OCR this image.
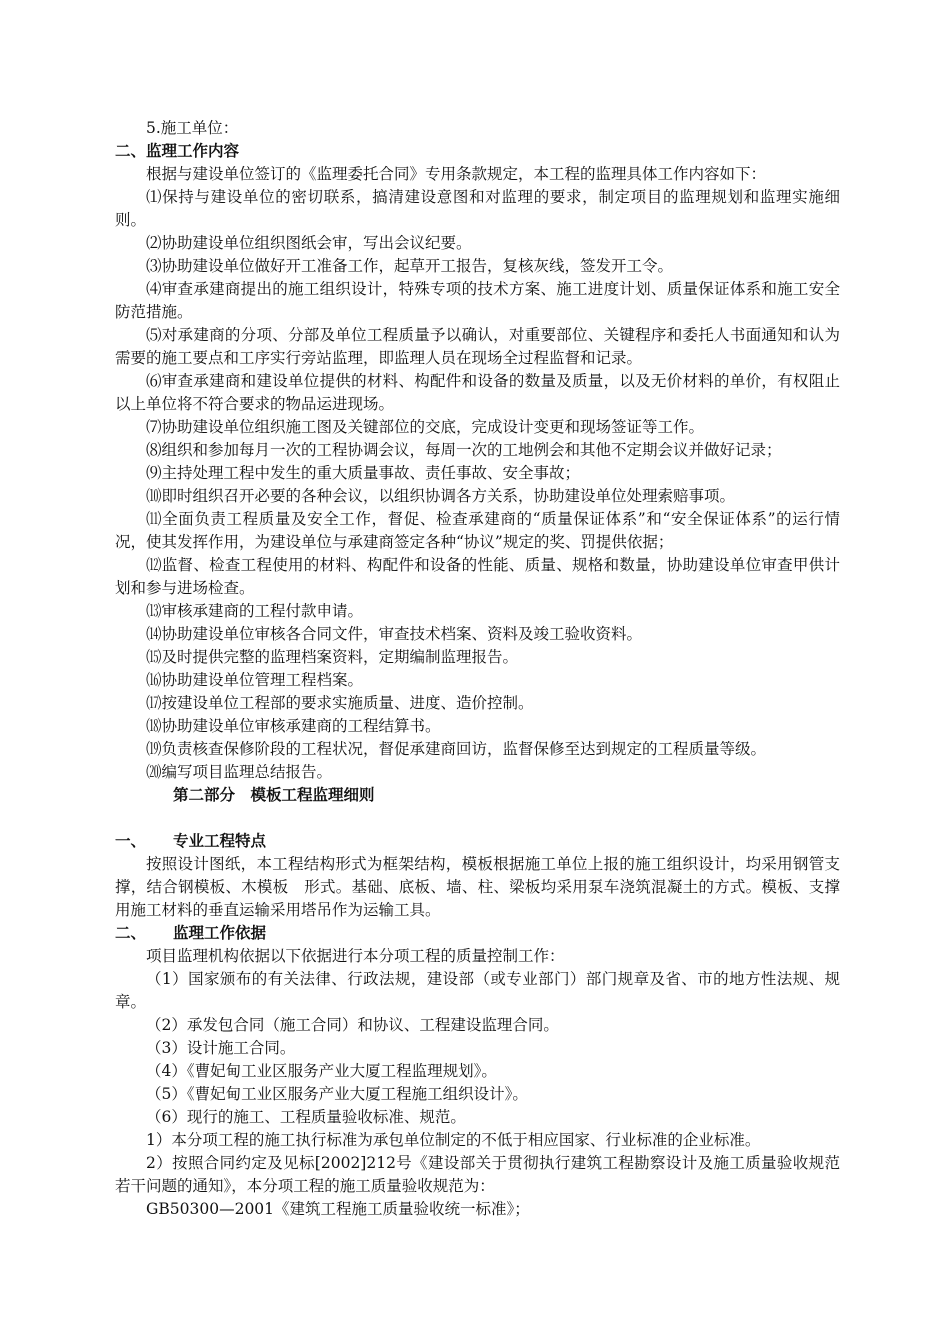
5.施工单位：

二、监理工作内容

根据与建设单位签订的《监理委托合同》专用条款规定，本工程的监理具体工作内容如下：

⑴保持与建设单位的密切联系，搞清建设意图和对监理的要求，制定项目的监理规划和监理实施细则。

⑵协助建设单位组织图纸会审，写出会议纪要。

⑶协助建设单位做好开工准备工作，起草开工报告，复核灰线，签发开工令。

⑷审查承建商提出的施工组织设计，特殊专项的技术方案、施工进度计划、质量保证体系和施工安全防范措施。

⑸对承建商的分项、分部及单位工程质量予以确认，对重要部位、关键程序和委托人书面通知和认为需要的施工要点和工序实行旁站监理，即监理人员在现场全过程监督和记录。

⑹审查承建商和建设单位提供的材料、构配件和设备的数量及质量，以及无价材料的单价，有权阻止以上单位将不符合要求的物品运进现场。

⑺协助建设单位组织施工图及关键部位的交底，完成设计变更和现场签证等工作。

⑻组织和参加每月一次的工程协调会议，每周一次的工地例会和其他不定期会议并做好记录；

⑼主持处理工程中发生的重大质量事故、责任事故、安全事故；

⑽即时组织召开必要的各种会议，以组织协调各方关系，协助建设单位处理索赔事项。

⑾全面负责工程质量及安全工作，督促、检查承建商的“质量保证体系”和“安全保证体系”的运行情况，使其发挥作用，为建设单位与承建商签定各种“协议”规定的奖、罚提供依据；

⑿监督、检查工程使用的材料、构配件和设备的性能、质量、规格和数量，协助建设单位审查甲供计划和参与进场检查。

⒀审核承建商的工程付款申请。

⒁协助建设单位审核各合同文件，审查技术档案、资料及竣工验收资料。

⒂及时提供完整的监理档案资料，定期编制监理报告。

⒃协助建设单位管理工程档案。

⒄按建设单位工程部的要求实施质量、进度、造价控制。

⒅协助建设单位审核承建商的工程结算书。

⒆负责核查保修阶段的工程状况，督促承建商回访，监督保修至达到规定的工程质量等级。

⒇编写项目监理总结报告。

第二部分　模板工程监理细则

一、 专业工程特点

按照设计图纸，本工程结构形式为框架结构，模板根据施工单位上报的施工组织设计，均采用钢管支撑，结合钢模板、木模板　形式。基础、底板、墙、柱、梁板均采用泵车浇筑混凝土的方式。模板、支撑用施工材料的垂直运输采用塔吊作为运输工具。

二、 监理工作依据

项目监理机构依据以下依据进行本分项工程的质量控制工作：

（1）国家颁布的有关法律、行政法规，建设部（或专业部门）部门规章及省、市的地方性法规、规章。

（2）承发包合同（施工合同）和协议、工程建设监理合同。

（3）设计施工合同。

（4）《曹妃甸工业区服务产业大厦工程监理规划》。

（5）《曹妃甸工业区服务产业大厦工程施工组织设计》。

（6）现行的施工、工程质量验收标准、规范。

1）本分项工程的施工执行标准为承包单位制定的不低于相应国家、行业标准的企业标准。

2）按照合同约定及见标[2002]212号《建设部关于贯彻执行建筑工程勘察设计及施工质量验收规范若干问题的通知》，本分项工程的施工质量验收规范为：

GB50300—2001《建筑工程施工质量验收统一标准》；
